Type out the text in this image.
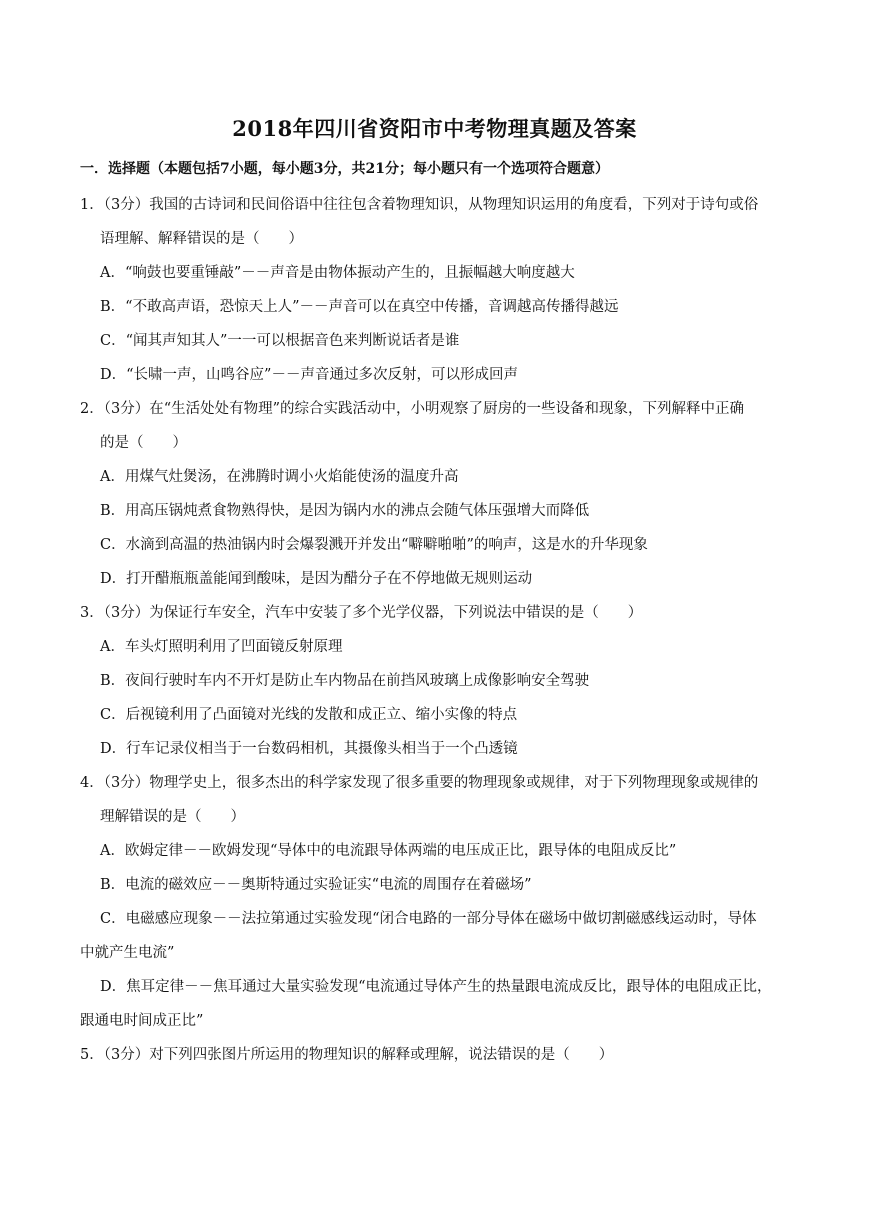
2018年四川省资阳市中考物理真题及答案
一．选择题（本题包括7小题，每小题3分，共21分；每小题只有一个选项符合题意）
1．（3分）我国的古诗词和民间俗语中往往包含着物理知识，从物理知识运用的角度看，下列对于诗句或俗
语理解、解释错误的是（　　）
A．“响鼓也要重锤敲”－－声音是由物体振动产生的，且振幅越大响度越大
B．“不敢高声语，恐惊天上人”－－声音可以在真空中传播，音调越高传播得越远
C．“闻其声知其人”一一可以根据音色来判断说话者是谁
D．“长啸一声，山鸣谷应”－－声音通过多次反射，可以形成回声
2．（3分）在“生活处处有物理”的综合实践活动中，小明观察了厨房的一些设备和现象，下列解释中正确
的是（　　）
A．用煤气灶煲汤，在沸腾时调小火焰能使汤的温度升高
B．用高压锅炖煮食物熟得快，是因为锅内水的沸点会随气体压强增大而降低
C．水滴到高温的热油锅内时会爆裂溅开并发出“噼噼啪啪”的响声，这是水的升华现象
D．打开醋瓶瓶盖能闻到酸味，是因为醋分子在不停地做无规则运动
3．（3分）为保证行车安全，汽车中安装了多个光学仪器，下列说法中错误的是（　　）
A．车头灯照明利用了凹面镜反射原理
B．夜间行驶时车内不开灯是防止车内物品在前挡风玻璃上成像影响安全驾驶
C．后视镜利用了凸面镜对光线的发散和成正立、缩小实像的特点
D．行车记录仪相当于一台数码相机，其摄像头相当于一个凸透镜
4．（3分）物理学史上，很多杰出的科学家发现了很多重要的物理现象或规律，对于下列物理现象或规律的
理解错误的是（　　）
A．欧姆定律－－欧姆发现“导体中的电流跟导体两端的电压成正比，跟导体的电阻成反比”
B．电流的磁效应－－奥斯特通过实验证实“电流的周围存在着磁场”
C．电磁感应现象－－法拉第通过实验发现“闭合电路的一部分导体在磁场中做切割磁感线运动时，导体
中就产生电流”
D．焦耳定律－－焦耳通过大量实验发现“电流通过导体产生的热量跟电流成反比，跟导体的电阻成正比，
跟通电时间成正比”
5．（3分）对下列四张图片所运用的物理知识的解释或理解，说法错误的是（　　）
